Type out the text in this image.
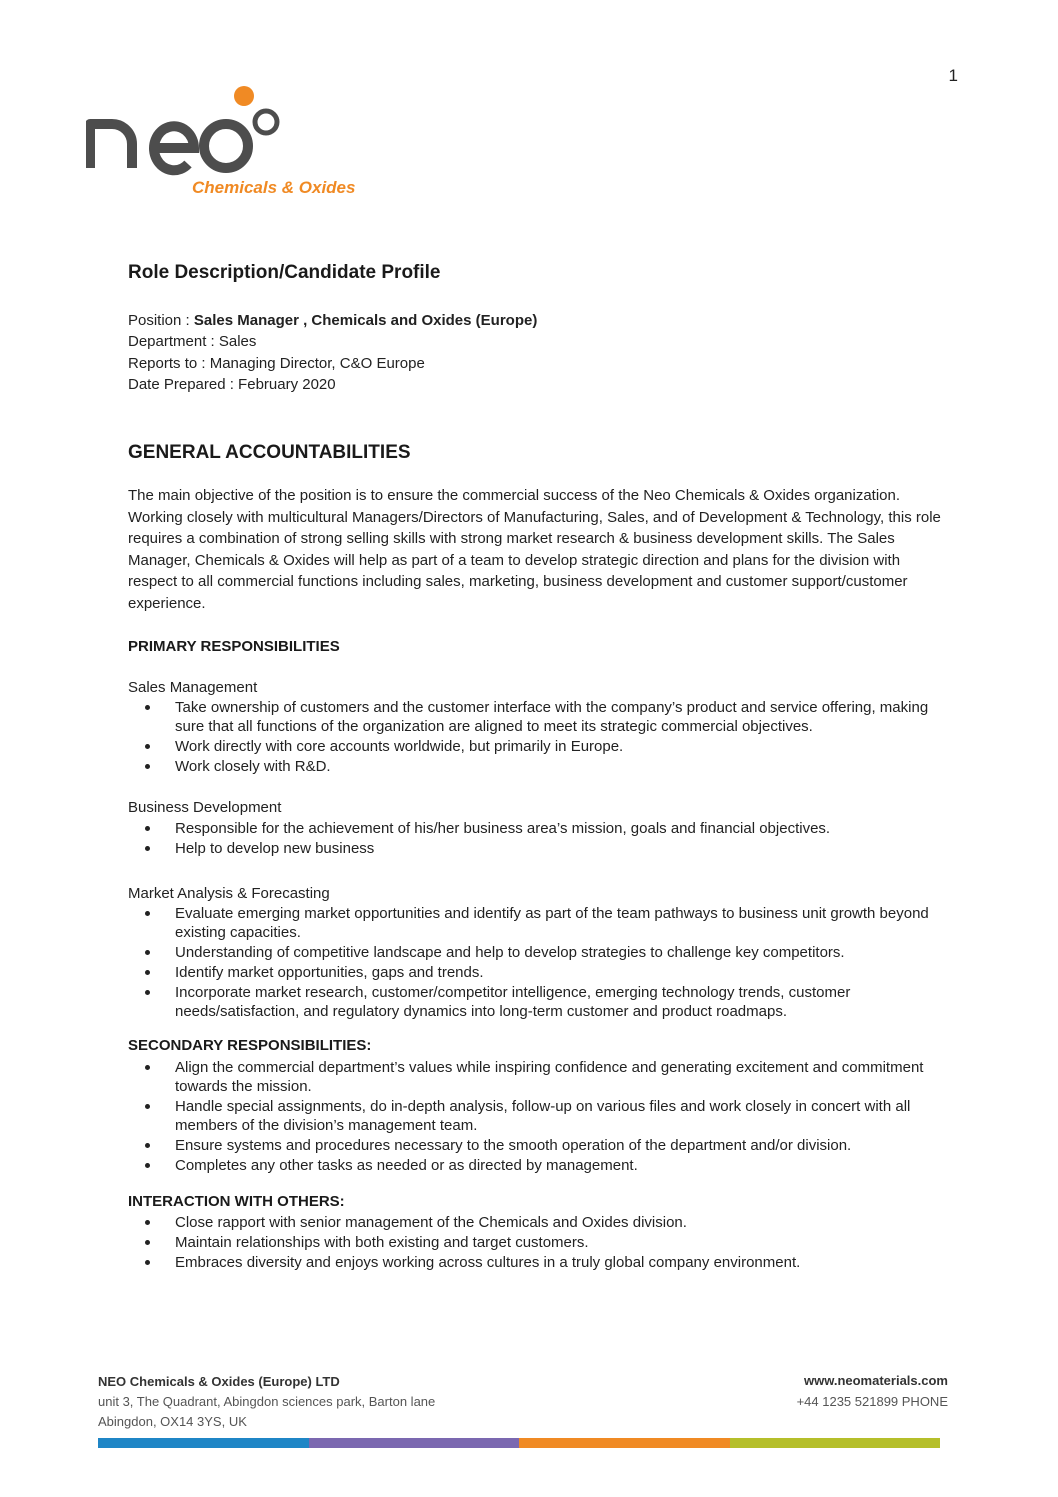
1
Chemicals & Oxides
Role Description/Candidate Profile

Position : Sales Manager , Chemicals and Oxides (Europe)

Department : Sales

Reports to : Managing Director, C&O Europe

Date Prepared : February 2020

GENERAL ACCOUNTABILITIES

The main objective of the position is to ensure the commercial success of the Neo Chemicals & Oxides organization. Working closely with multicultural Managers/Directors of Manufacturing, Sales, and of Development & Technology, this role requires a combination of strong selling skills with strong market research & business development skills. The Sales Manager, Chemicals & Oxides will help as part of a team to develop strategic direction and plans for the division with respect to all commercial functions including sales, marketing, business development and customer support/customer experience.

PRIMARY RESPONSIBILITIES
Sales Management
Take ownership of customers and the customer interface with the company’s product and service offering, making sure that all functions of the organization are aligned to meet its strategic commercial objectives.
Work directly with core accounts worldwide, but primarily in Europe.
Work closely with R&D.
Business Development
Responsible for the achievement of his/her business area’s mission, goals and financial objectives.
Help to develop new business
Market Analysis & Forecasting
Evaluate emerging market opportunities and identify as part of the team pathways to business unit growth beyond existing capacities.
Understanding of competitive landscape and help to develop strategies to challenge key competitors.
Identify market opportunities, gaps and trends.
Incorporate market research, customer/competitor intelligence, emerging technology trends, customer needs/satisfaction, and regulatory dynamics into long-term customer and product roadmaps.
SECONDARY RESPONSIBILITIES:
Align the commercial department’s values while inspiring confidence and generating excitement and commitment towards the mission.
Handle special assignments, do in-depth analysis, follow-up on various files and work closely in concert with all members of the division’s management team.
Ensure systems and procedures necessary to the smooth operation of the department and/or division.
Completes any other tasks as needed or as directed by management.
INTERACTION WITH OTHERS:
Close rapport with senior management of the Chemicals and Oxides division.
Maintain relationships with both existing and target customers.
Embraces diversity and enjoys working across cultures in a truly global company environment.
NEO Chemicals & Oxides (Europe) LTD
unit 3, The Quadrant, Abingdon sciences park, Barton lane
Abingdon, OX14 3YS, UK
www.neomaterials.com
+44 1235 521899 PHONE
